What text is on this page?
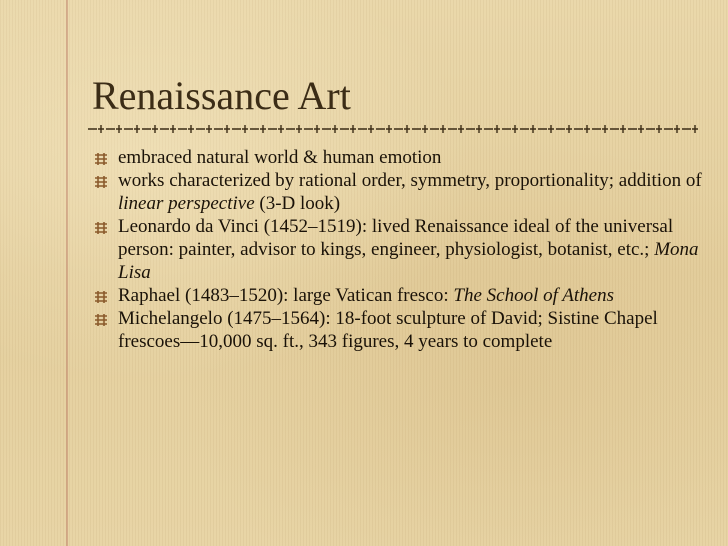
Renaissance Art
embraced natural world & human emotion
works characterized by rational order, symmetry, proportionality; addition of linear perspective (3-D look)
Leonardo da Vinci (1452–1519): lived Renaissance ideal of the universal person: painter, advisor to kings, engineer, physiologist, botanist, etc.; Mona Lisa
Raphael (1483–1520): large Vatican fresco: The School of Athens
Michelangelo (1475–1564): 18-foot sculpture of David; Sistine Chapel frescoes—10,000 sq. ft., 343 figures, 4 years to complete
